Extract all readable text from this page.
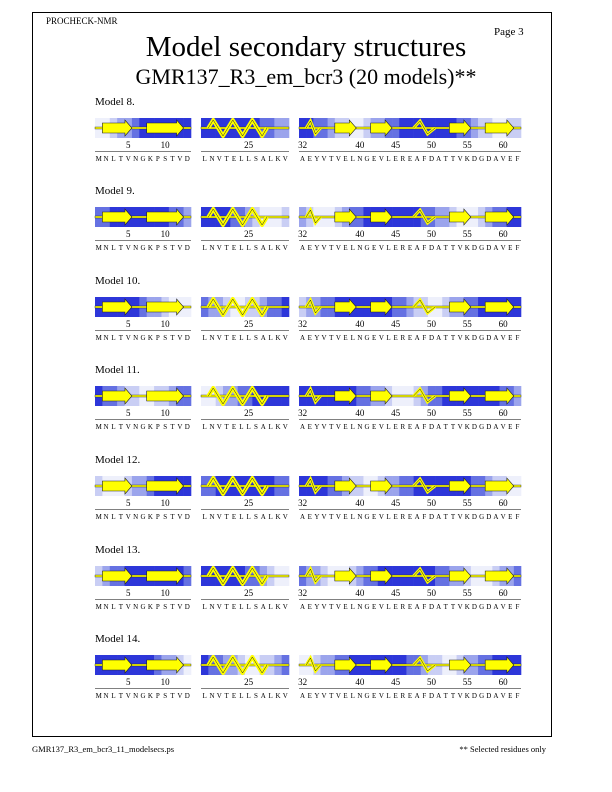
PROCHECK-NMR
Page 3
Model secondary structures
GMR137_R3_em_bcr3 (20 models)**
Model 8.
5	10
M N L T V N G K P S T V D
25
L N V T E L L S A L K V
32	40	45	50	55	60
A E Y V T V E L N G E V L E R E A F D A T T V K D G D A V E F
Model 9.
5	10
M N L T V N G K P S T V D
25
L N V T E L L S A L K V
32	40	45	50	55	60
A E Y V T V E L N G E V L E R E A F D A T T V K D G D A V E F
Model 10.
5	10
M N L T V N G K P S T V D
25
L N V T E L L S A L K V
32	40	45	50	55	60
A E Y V T V E L N G E V L E R E A F D A T T V K D G D A V E F
Model 11.
5	10
M N L T V N G K P S T V D
25
L N V T E L L S A L K V
32	40	45	50	55	60
A E Y V T V E L N G E V L E R E A F D A T T V K D G D A V E F
Model 12.
5	10
M N L T V N G K P S T V D
25
L N V T E L L S A L K V
32	40	45	50	55	60
A E Y V T V E L N G E V L E R E A F D A T T V K D G D A V E F
Model 13.
5	10
M N L T V N G K P S T V D
25
L N V T E L L S A L K V
32	40	45	50	55	60
A E Y V T V E L N G E V L E R E A F D A T T V K D G D A V E F
Model 14.
5	10
M N L T V N G K P S T V D
25
L N V T E L L S A L K V
32	40	45	50	55	60
A E Y V T V E L N G E V L E R E A F D A T T V K D G D A V E F
GMR137_R3_em_bcr3_11_modelsecs.ps	** Selected residues only
